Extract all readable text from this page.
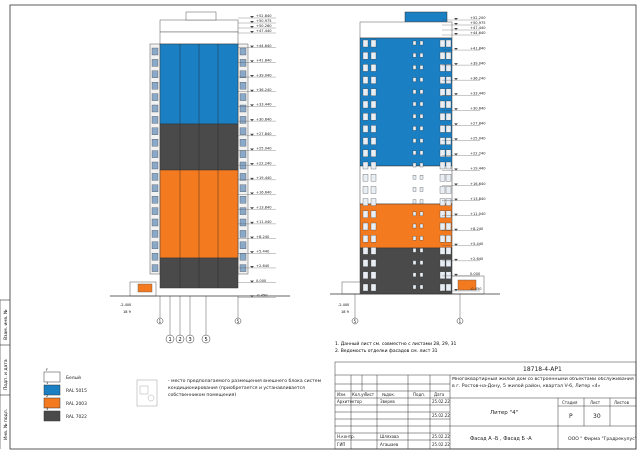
Взам. инв. №
Подп. и дата
Инв. № подл.
+52.840
+50.975
+50.260
+47.440
+44.640
+41.840
+39.040
+36.240
+33.440
+30.640
+27.840
+25.040
+22.240
+19.440
+16.640
+13.840
+11.040
+8.240
+5.440
+2.640
0.000
-0.450
1	5
1 2 3	5
-2.400
18 9
+52.200
+50.975
+47.440
+44.640
+41.840
+39.040
+36.240
+33.440
+30.640
+27.840
+25.040
+22.240
+19.440
+16.640
+13.840
+11.040
+8.240
+5.440
+2.640
0.000
-0.450
5	1
-2.400
18 9
1. Данный лист см. совместно с листами 28, 29, 31
2. Ведомость отделки фасадов см. лист 31
F
Белый
1
RAL 5015
2
RAL 2003
3
RAL 7022
- место предполагаемого размещения внешнего блока систем кондиционирования (приобретается и устанавливается собственником помещения)
18718-4-АР1
Изм. Кол.уч
Лист №док.	Подп. Дата
Архитектор	Зверев	25.02.22
25.02.22
Н.контр.	Шляхова	25.02.22
ГИП	Агашаев	25.02.22
Стадия	Лист	Листов
Р	30
Литер "4"
Фасад А -Б , Фасад Б -А	ООО " Фирма "Градрекулус"
Многоквартирный жилой дом со встроенными объектами обслуживания в г. Ростов-на-Дону, 5 жилой район, квартал V-6, Литер «4»
